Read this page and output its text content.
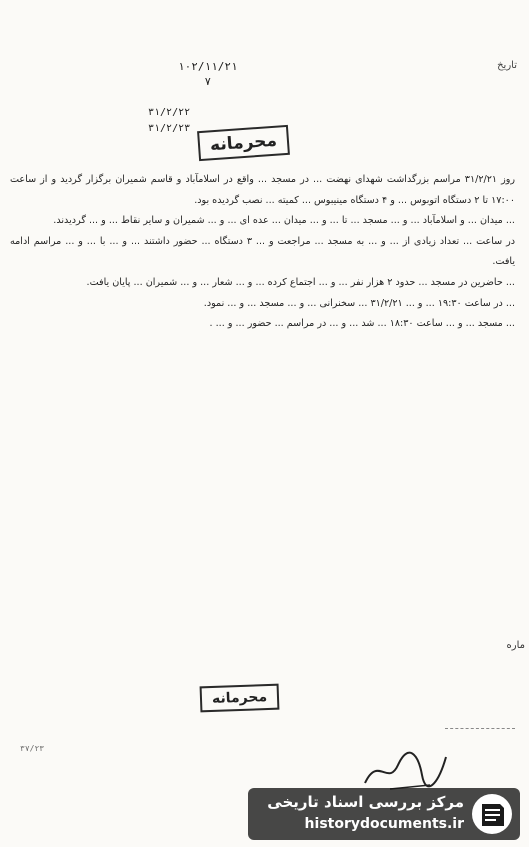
۱۰۲/۱۱/۲۱
۷
۳۱/۲/۲۲
۳۱/۲/۲۳
تاریخ
محرمانه

روز ۳۱/۲/۲۱ مراسم بزرگداشت شهدای نهضت ... در مسجد ... واقع در اسلامآباد و قاسم شمیران برگزار گردید و از ساعت ۱۷:۰۰ تا ۲ دستگاه اتوبوس ... و ۴ دستگاه مینیبوس ... کمیته ... نصب گردیده بود.

... میدان ... و اسلامآباد ... و ... مسجد ... تا ... و ... میدان ... عده ای ... و ... شمیران و سایر نقاط ... و ... گردیدند.

در ساعت ... تعداد زیادی از ... و ... به مسجد ... مراجعت و ... ۳ دستگاه ... حضور داشتند ... و ... با ... و ... مراسم ادامه یافت.

... حاضرین در مسجد ... حدود ۲ هزار نفر ... و ... اجتماع کرده ... و ... شعار ... و ... شمیران ... پایان یافت.

... در ساعت ۱۹:۳۰ ... و ... ۳۱/۲/۲۱ ... سخنرانی ... و ... مسجد ... و ... نمود.

... مسجد ... و ... ساعت ۱۸:۳۰ ... شد ... و ... در مراسم ... حضور ... و ... .

ماره
محرمانه
۳۷/۲۳
مرکز بررسی اسناد تاریخی
historydocuments.ir
